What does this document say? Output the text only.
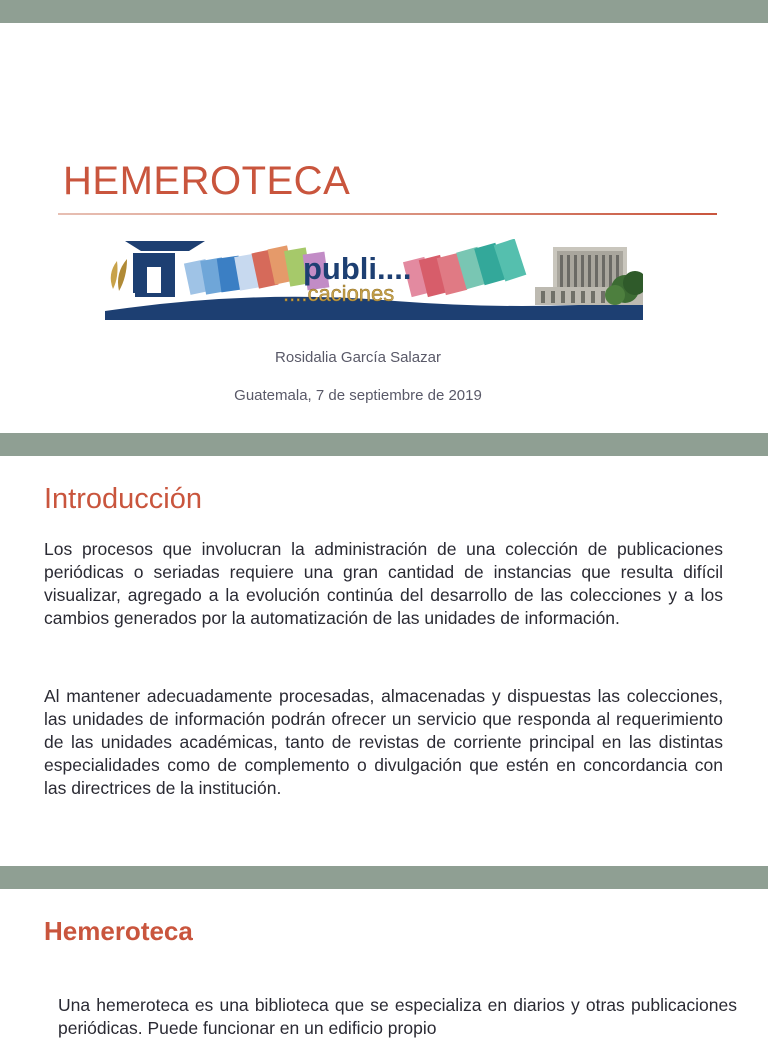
HEMEROTECA
publi....
....caciones
Rosidalia García Salazar
Guatemala, 7 de septiembre de 2019
Introducción

Los procesos que involucran la administración de una colección de publicaciones periódicas o seriadas requiere una gran cantidad de instancias que resulta difícil visualizar, agregado a la evolución continúa del desarrollo de las colecciones y a los cambios generados por la automatización de las unidades de información.

Al mantener adecuadamente procesadas, almacenadas y dispuestas las colecciones, las unidades de información podrán ofrecer un servicio que responda al requerimiento de las unidades académicas, tanto de revistas de corriente principal en las distintas especialidades como de complemento o divulgación que estén en concordancia con las directrices de la institución.

Hemeroteca

Una hemeroteca es una biblioteca que se especializa en diarios y otras publicaciones periódicas. Puede funcionar en un edificio propio
